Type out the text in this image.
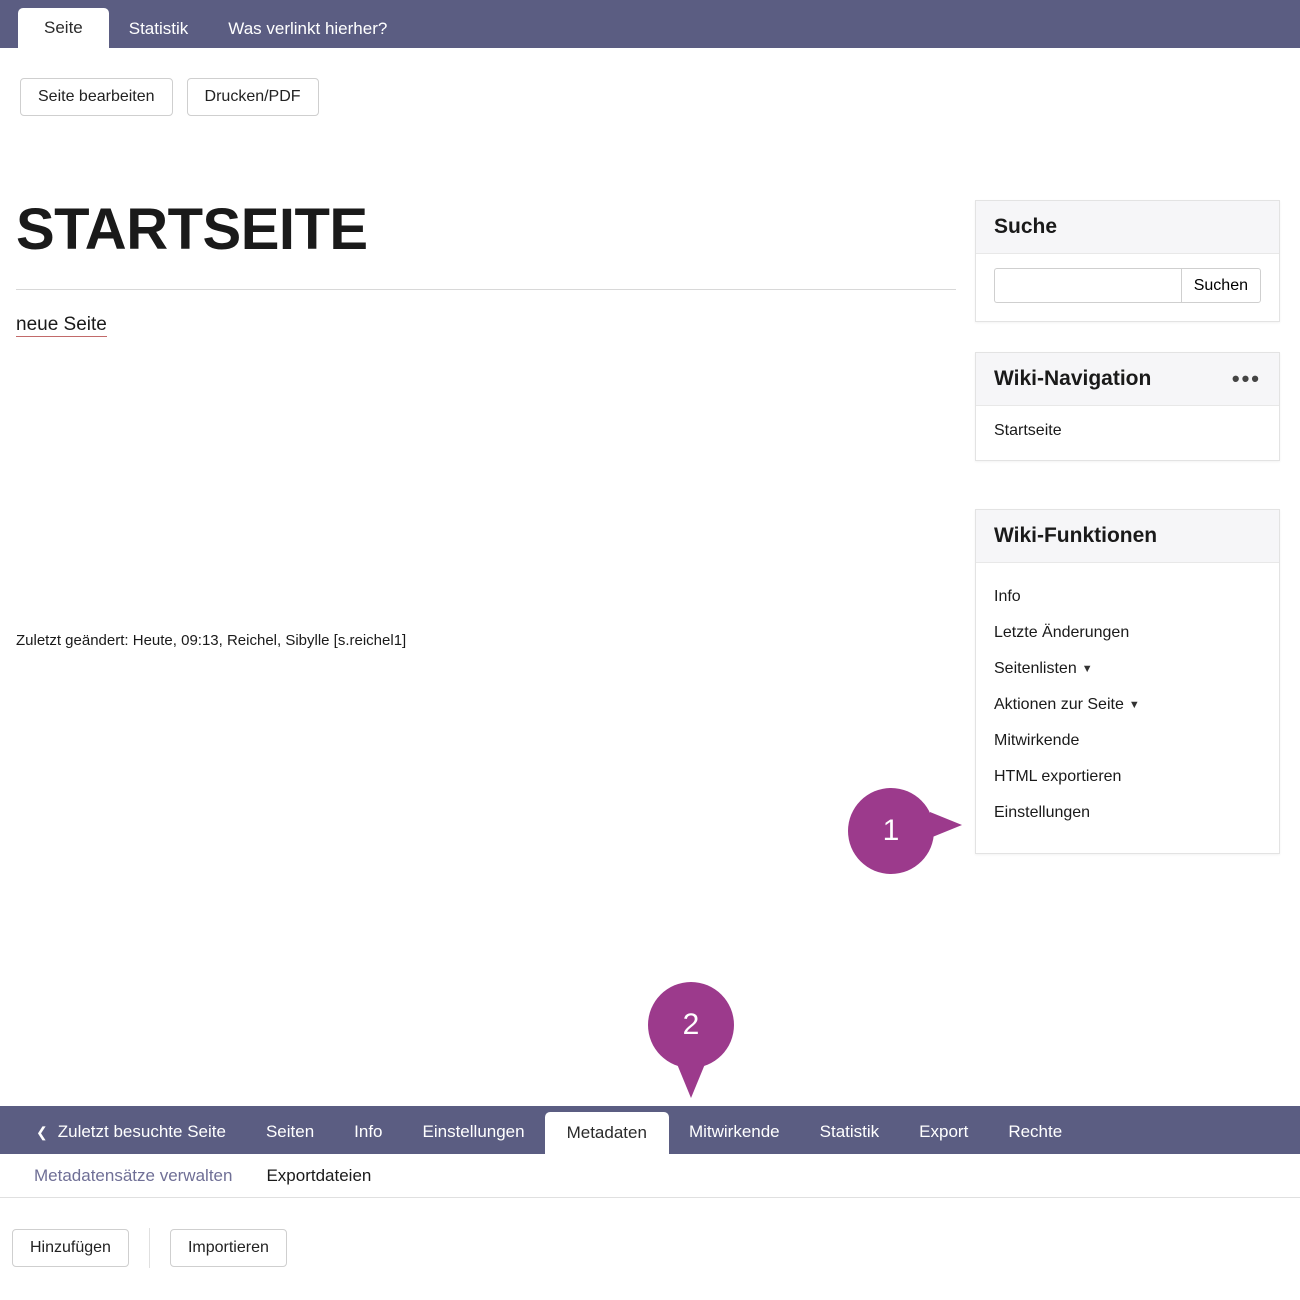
Seite	Statistik Was verlinkt hierher?
Seite bearbeiten	Drucken/PDF
STARTSEITE
neue Seite
Zuletzt geändert: Heute, 09:13, Reichel, Sibylle [s.reichel1]
Suche
Suchen
Wiki-Navigation	•••
Startseite
Wiki-Funktionen
Info
Letzte Änderungen
Seitenlisten ▼
Aktionen zur Seite ▼
Mitwirkende
HTML exportieren
Einstellungen
1
2
❮ Zuletzt besuchte Seite Seiten Info Einstellungen Metadaten Mitwirkende Statistik Export Rechte
Metadatensätze verwalten Exportdateien
Hinzufügen	Importieren
